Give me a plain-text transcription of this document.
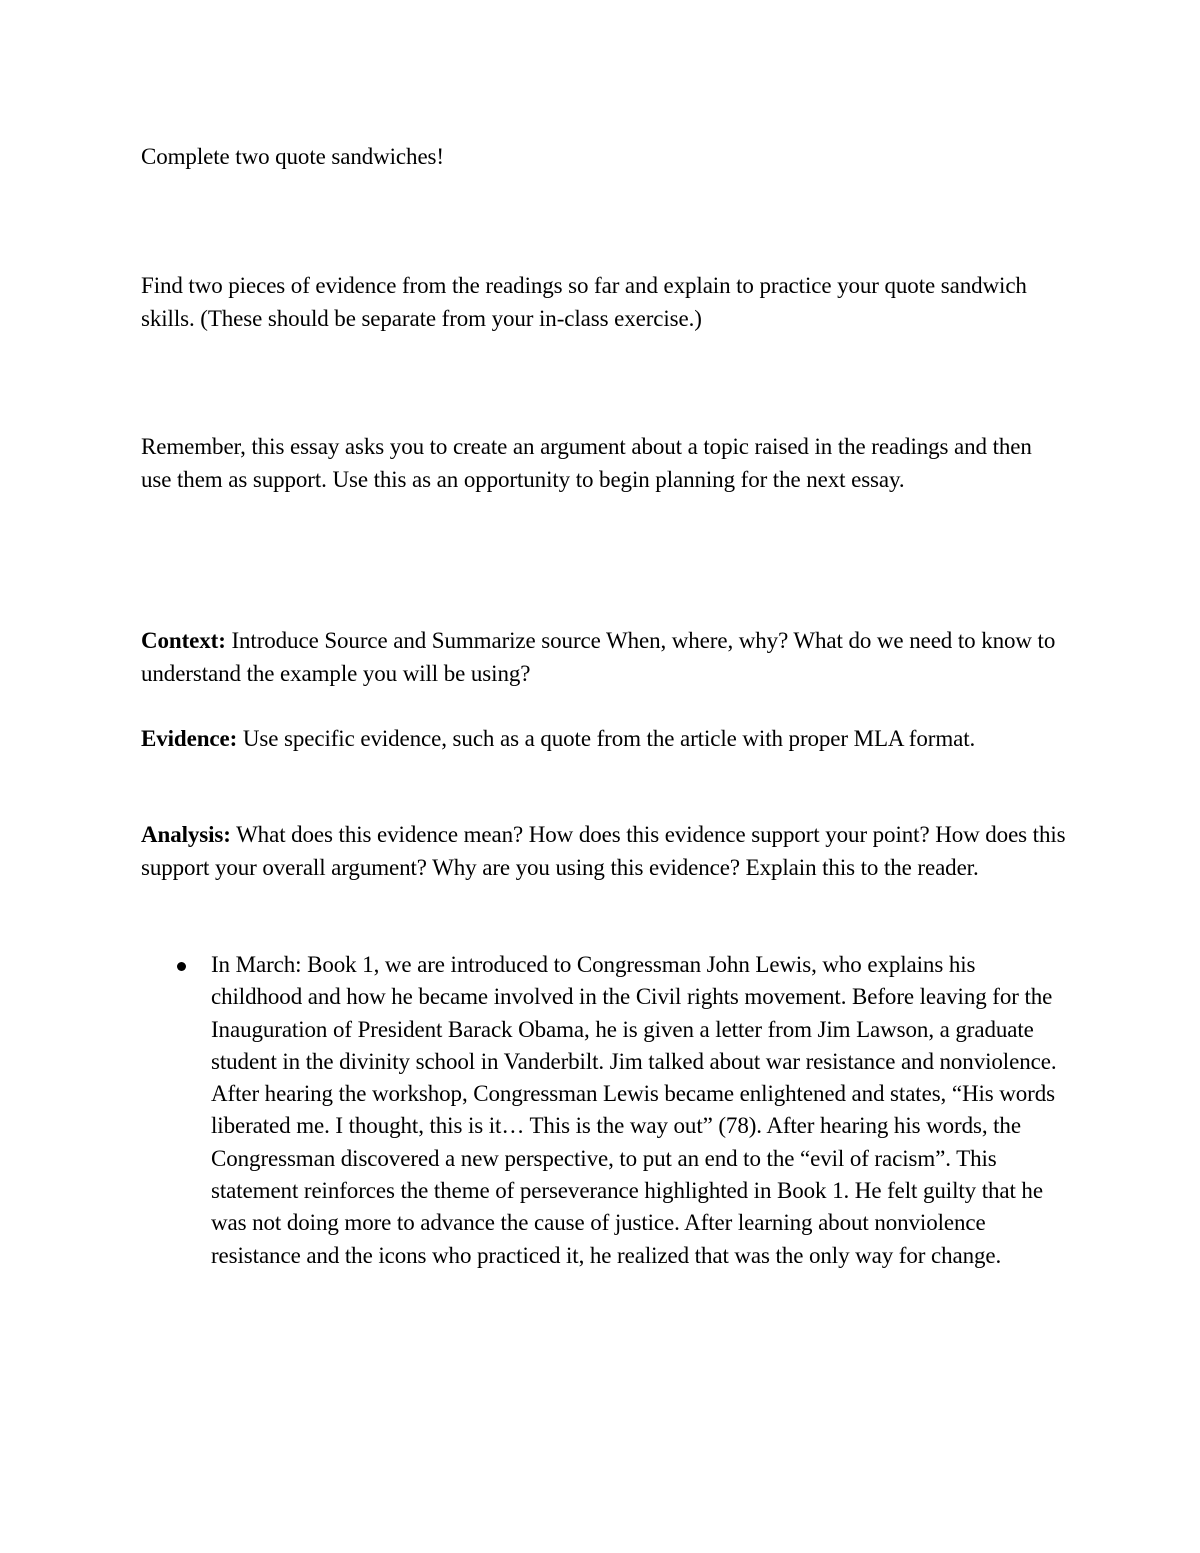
Complete two quote sandwiches!

Find two pieces of evidence from the readings so far and explain to practice your quote sandwich skills. (These should be separate from your in-class exercise.)

Remember, this essay asks you to create an argument about a topic raised in the readings and then use them as support. Use this as an opportunity to begin planning for the next essay.

Context: Introduce Source and Summarize source When, where, why? What do we need to know to understand the example you will be using?

Evidence: Use specific evidence, such as a quote from the article with proper MLA format.

Analysis: What does this evidence mean? How does this evidence support your point? How does this support your overall argument? Why are you using this evidence? Explain this to the reader.

In March: Book 1, we are introduced to Congressman John Lewis, who explains his childhood and how he became involved in the Civil rights movement. Before leaving for the Inauguration of President Barack Obama, he is given a letter from Jim Lawson, a graduate student in the divinity school in Vanderbilt. Jim talked about war resistance and nonviolence. After hearing the workshop, Congressman Lewis became enlightened and states, “His words liberated me. I thought, this is it… This is the way out” (78). After hearing his words, the Congressman discovered a new perspective, to put an end to the “evil of racism”. This statement reinforces the theme of perseverance highlighted in Book 1. He felt guilty that he was not doing more to advance the cause of justice. After learning about nonviolence resistance and the icons who practiced it, he realized that was the only way for change.
